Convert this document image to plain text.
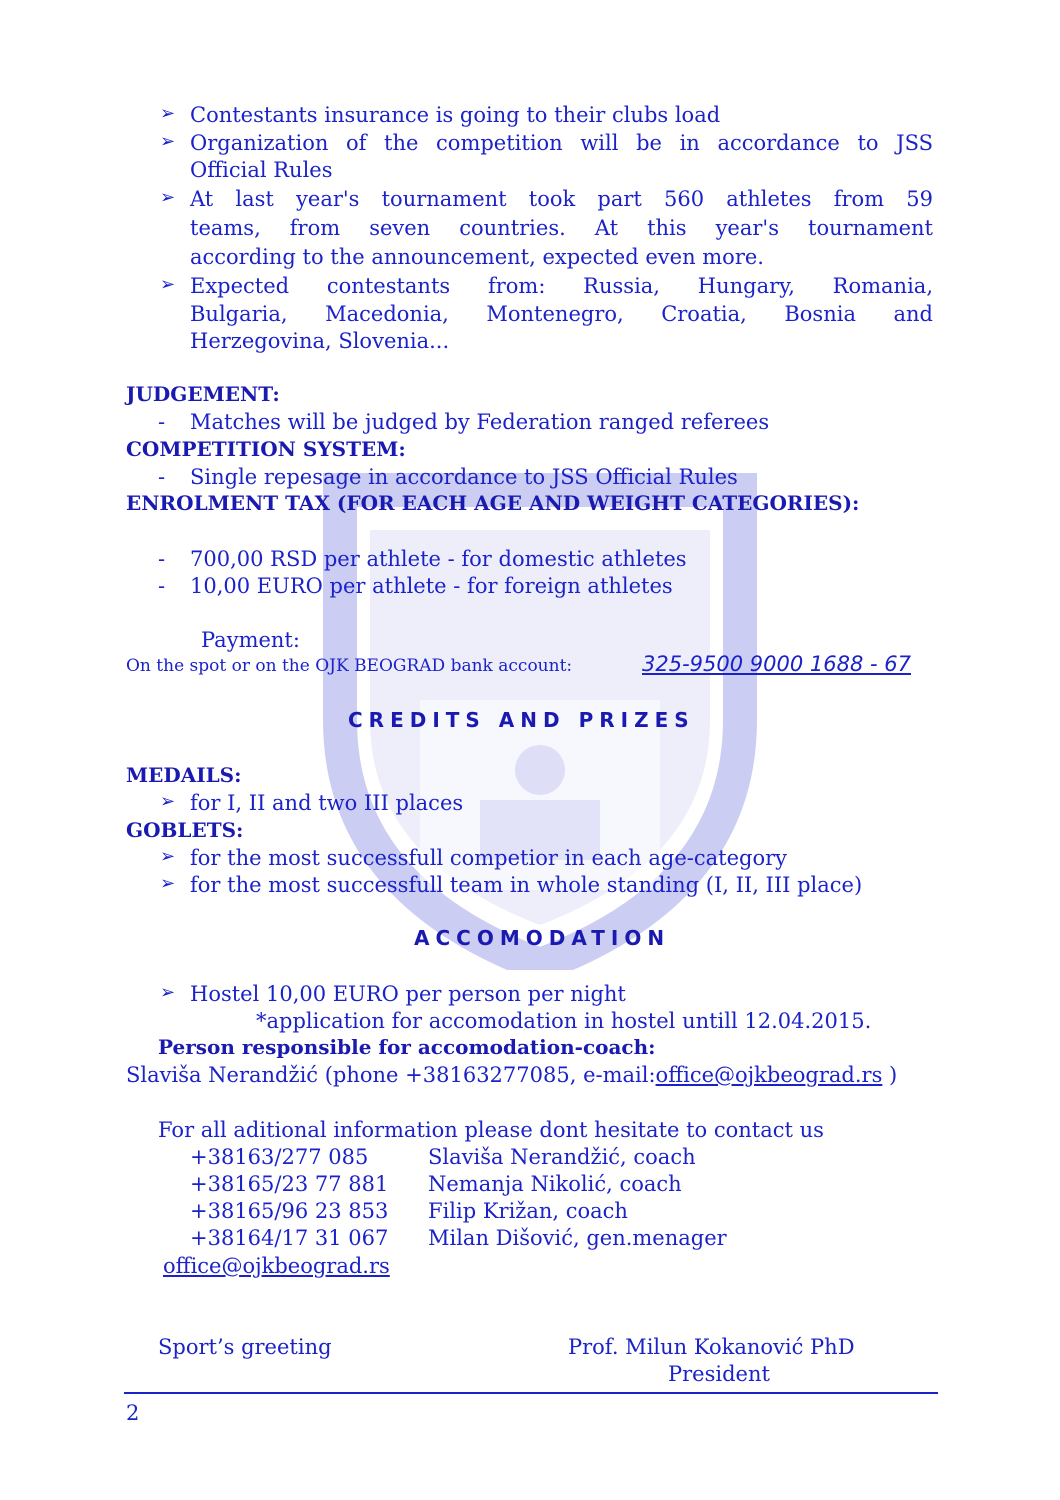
➢ Contestants insurance is going to their clubs load
➢ Organization of the competition will be in accordance to JSS
Official Rules
➢ At last year's tournament took part 560 athletes from 59
teams, from seven countries. At this year's tournament
according to the announcement, expected even more.
➢ Expected contestants from: Russia, Hungary, Romania,
Bulgaria, Macedonia, Montenegro, Croatia, Bosnia and
Herzegovina, Slovenia...
JUDGEMENT:
- Matches will be judged by Federation ranged referees
COMPETITION SYSTEM:
- Single repesage in accordance to JSS Official Rules
ENROLMENT TAX (FOR EACH AGE AND WEIGHT CATEGORIES):
- 700,00 RSD per athlete - for domestic athletes
- 10,00 EURO per athlete - for foreign athletes
Payment:
On the spot or on the OJK BEOGRAD bank account:	325-9500 9000 1688 - 67
CREDITS AND PRIZES
MEDAILS:
➢ for I, II and two III places
GOBLETS:
➢ for the most successfull competior in each age-category
➢ for the most successfull team in whole standing (I, II, III place)
ACCOMODATION
➢ Hostel 10,00 EURO per person per night
*application for accomodation in hostel untill 12.04.2015.
Person responsible for accomodation-coach:
Slaviša Nerandžić (phone +38163277085, e-mail:office@ojkbeograd.rs )
For all aditional information please dont hesitate to contact us
+38163/277 085	Slaviša Nerandžić, coach
+38165/23 77 881 Nemanja Nikolić, coach
+38165/96 23 853 Filip Križan, coach
+38164/17 31 067 Milan Dišović, gen.menager
office@ojkbeograd.rs
Sport’s greeting	Prof. Milun Kokanović PhD
President
2
